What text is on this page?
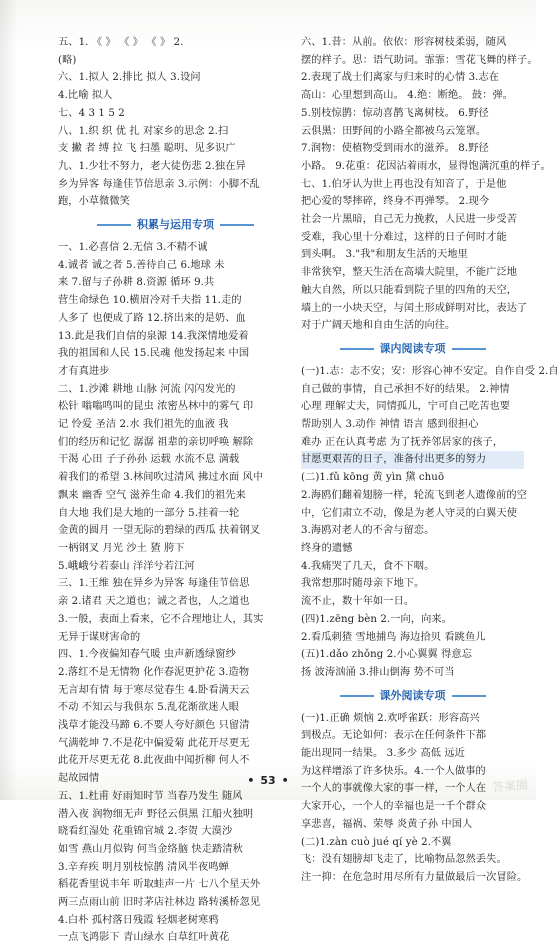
五、1. 《 》 《 》 《 》 2.
(略)
六、1.拟人 2.排比 拟人 3.设问
4.比喻 拟人
七、4 3 1 5 2
八、1.织 织 优 扎 对家乡的思念 2.扫
支 撇 者 缚 拉 飞 扫墨 聪明、见多识广
九、1.少壮不努力，老大徒伤悲 2.独在异
乡为异客 每逢佳节倍思亲 3.示例：小脚不乱
跑，小草微微笑
积累与运用专项
一、1.必喜信 2.无信 3.不精不诚
4.诚者 诚之者 5.善待自己 6.地球 未
来 7.留与子孙耕 8.资源 循环 9.共
营生命绿色 10.横眉冷对千夫指 11.走的
人多了 也便成了路 12.挤出来的是奶、血
13.此是我们自信的泉源 14.我深情地爱着
我的祖国和人民 15.民魂 他发扬起来 中国
才有真进步
二、1.沙滩 耕地 山脉 河流 闪闪发光的
松针 嗡嗡鸣叫的昆虫 浓密丛林中的雾气 印
记 怜爱 圣洁 2.水 我们祖先的血液 我
们的经历和记忆 潺潺 祖辈的亲切呼唤 解除
干渴 心田 子子孙孙 运载 水流不息 满载
着我们的希望 3.林间吹过清风 拂过水面 风中
飘来 幽香 空气 滋养生命 4.我们的祖先来
自大地 我们是大地的一部分 5.挂着一轮
金黄的圆月 一望无际的碧绿的西瓜 扶着钢叉
一柄钢叉 月光 沙土 猹 胯下
5.峨峨兮若泰山 洋洋兮若江河
三、1.王维 独在异乡为异客 每逢佳节倍思
亲 2.诸君 天之道也；诚之者也，人之道也
3.一般，表面上看来，它不合理地让人，其实
无异于谋财害命的
四、1.今夜偏知春气暖 虫声新透绿窗纱
2.落红不是无情物 化作春泥更护花 3.造物
无言却有情 每于寒尽觉春生 4.卧看满天云
不动 不知云与我俱东 5.乱花渐欲迷人眼
浅草才能没马蹄 6.不要人夸好颜色 只留清
气满乾坤 7.不是花中偏爱菊 此花开尽更无
此花开尽更无花 8.此夜曲中闻折柳 何人不
起故园情
五、1.杜甫 好雨知时节 当春乃发生 随风
潜入夜 润物细无声 野径云俱黑 江船火独明
晓看红湿处 花重锦官城 2.李贺 大漠沙
如雪 燕山月似钩 何当金络脑 快走踏清秋
3.辛弃疾 明月别枝惊鹊 清风半夜鸣蝉
稻花香里说丰年 听取蛙声一片 七八个星天外
两三点雨山前 旧时茅店社林边 路转溪桥忽见
4.白朴 孤村落日残霞 轻烟老树寒鸦
一点飞鸿影下 青山绿水 白草红叶黄花
六、1.昔：从前。依依：形容树枝柔弱，随风
摆的样子。思：语气助词。霏霏：雪花飞舞的样子。
2.表现了战士们离家与归来时的心情 3.志在
高山：心里想到高山。 4.绝：断绝。 鼓：弹。
5.别枝惊鹊：惊动喜鹊飞离树枝。 6.野径
云俱黑：田野间的小路全都被乌云笼罩。
7.润物：使植物受到雨水的滋养。 8.野径
小路。 9.花重：花因沾着雨水，显得饱满沉重的样子。
七、1.伯牙认为世上再也没有知音了，于是他
把心爱的琴摔碎，终身不再弹琴。 2.现今
社会一片黑暗，自己无力挽救，人民进一步受苦
受难，我心里十分难过，这样的日子何时才能
到头啊。 3."我"和朋友生活的天地里
非常狭窄，整天生活在高墙大院里，不能广泛地
触大自然，所以只能看到院子里的四角的天空，
墙上的一小块天空，与闰土形成鲜明对比，表达了
对于广阔天地和自由生活的向往。
课内阅读专项
(一)1.志：志不安；安：形容心神不安定。自作自受 2.自
自己做的事情，自己承担不好的结果。 2.神情
心理 理解丈夫，同情孤儿，宁可自己吃苦也要
帮助别人 3.动作 神情 语言 感到很担心
难办 正在认真考虑 为了抚养邻居家的孩子，
甘愿更艰苦的日子，准备付出更多的努力
(二)1.fǔ kōng 黄 yìn 黛 chuō
2.海鸥们翻着翅膀一样，轮流飞到老人遗像前的空
中，它们肃立不动，像是为老人守灵的白翼天使
3.海鸥对老人的不舍与留恋。
终身的遗憾
4.我痛哭了几天，食不下咽。
我常想那时随母亲下地下。
流不止，数十年如一日。
(四)1.zēng bèn 2.一向，向来。
2.看瓜刺猹 雪地捕鸟 海边拾贝 看跳鱼儿
(五)1.dǎo zhǒng 2.小心翼翼 得意忘
扬 波涛汹涌 3.排山倒海 势不可当
课外阅读专项
(一)1.正确 烦恼 2.欢呼雀跃：形容高兴
到极点。无论如何：表示在任何条件下都
能出现同一结果。 3.多少 高低 远近
为这样增添了许多快乐。4.一个人做事的
一个人的事就像大家的事一样，一个人在
大家开心，一个人的幸福也是一千个群众
享悲喜，福祸、荣辱 炎黄子孙 中国人
(二)1.zàn cuò jué qí yè 2.不翼
飞：没有翅膀却飞走了，比喻物品忽然丢失。
注一抑：在危急时用尽所有力量做最后一次冒险。
• 53 •	答案圈
